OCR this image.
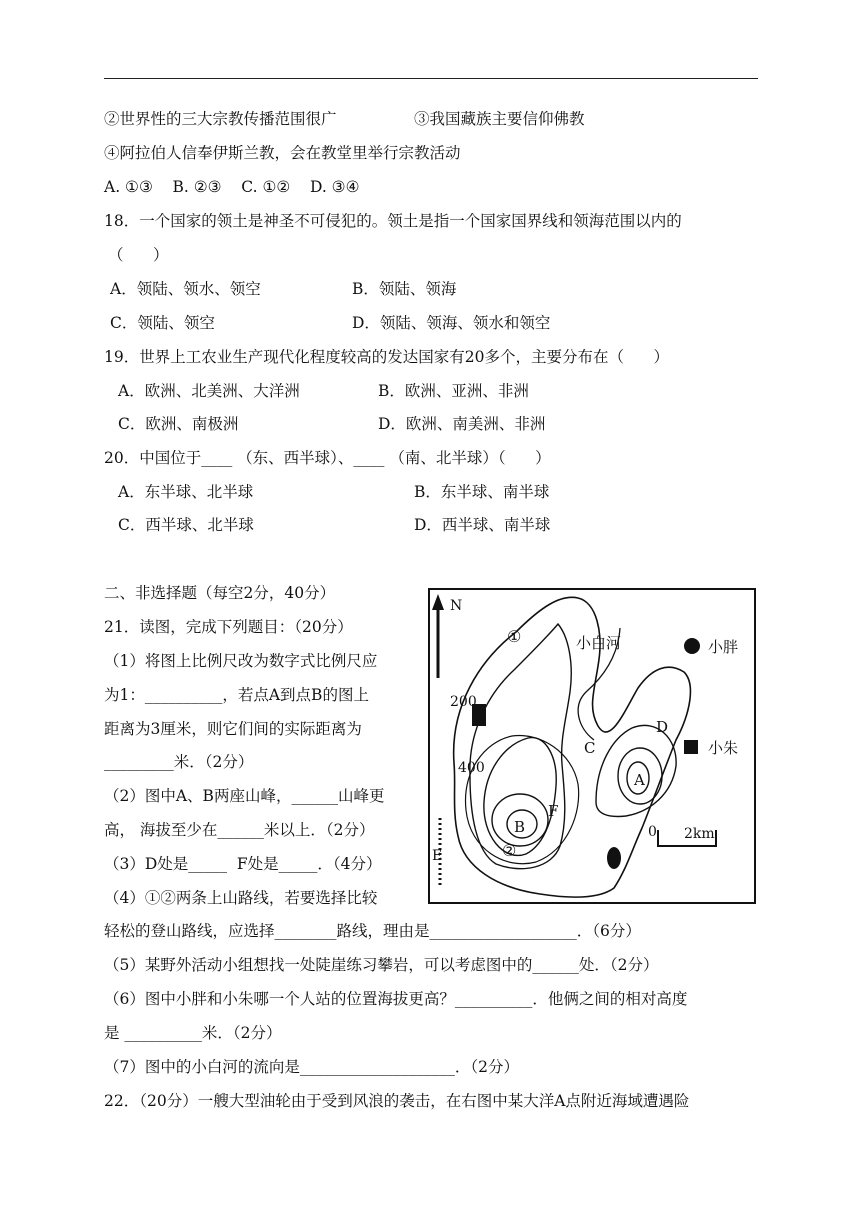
②世界性的三大宗教传播范围很广	③我国藏族主要信仰佛教
④阿拉伯人信奉伊斯兰教，会在教堂里举行宗教活动
A. ①③    B. ②③    C. ①②    D. ③④
18．一个国家的领土是神圣不可侵犯的。领土是指一个国家国界线和领海范围以内的
（      ）
A．领陆、领水、领空	B．领陆、领海
C．领陆、领空	D．领陆、领海、领水和领空
19．世界上工农业生产现代化程度较高的发达国家有20多个，主要分布在（      ）
A．欧洲、北美洲、大洋洲	B．欧洲、亚洲、非洲
C．欧洲、南极洲	D．欧洲、南美洲、非洲
20．中国位于____ （东、西半球）、____ （南、北半球）（      ）
A．东半球、北半球	B．东半球、南半球
C．西半球、北半球	D．西半球、南半球
二、非选择题（每空2分，40分）
21．读图，完成下列题目：（20分）
（1）将图上比例尺改为数字式比例尺应
为1：__________，若点A到点B的图上
距离为3厘米，则它们间的实际距离为
_________米．（2分）
（2）图中A、B两座山峰，______山峰更
高， 海拔至少在______米以上．（2分）
（3）D处是_____  F处是_____．（4分）
（4）①②两条上山路线，若要选择比较
轻松的登山路线，应选择________路线，理由是___________________．（6分）
（5）某野外活动小组想找一处陡崖练习攀岩，可以考虑图中的______处．（2分）
（6）图中小胖和小朱哪一个人站的位置海拔更高？__________．他俩之间的相对高度
是 __________米．（2分）
（7）图中的小白河的流向是____________________．（2分）
22．（20分）一艘大型油轮由于受到风浪的袭击，在右图中某大洋A点附近海域遭遇险
N
小白河
200
400
C
A
D
F
B
E
①
②
小胖
小朱
0 2km
